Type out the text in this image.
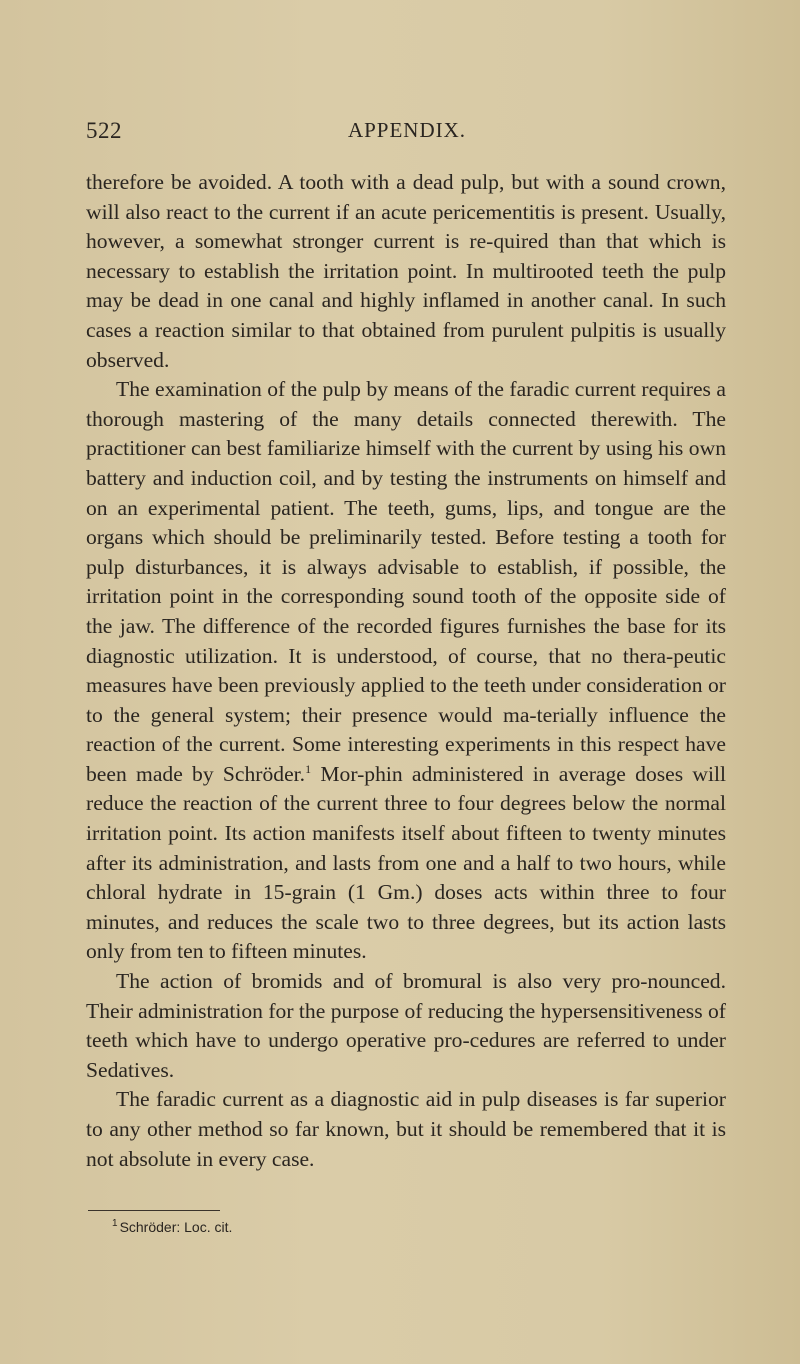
522	APPENDIX.

therefore be avoided. A tooth with a dead pulp, but with a sound crown, will also react to the current if an acute pericementitis is present. Usually, however, a somewhat stronger current is re-quired than that which is necessary to establish the irritation point. In multirooted teeth the pulp may be dead in one canal and highly inflamed in another canal. In such cases a reaction similar to that obtained from purulent pulpitis is usually observed.

The examination of the pulp by means of the faradic current requires a thorough mastering of the many details connected therewith. The practitioner can best familiarize himself with the current by using his own battery and induction coil, and by testing the instruments on himself and on an experimental patient. The teeth, gums, lips, and tongue are the organs which should be preliminarily tested. Before testing a tooth for pulp disturbances, it is always advisable to establish, if possible, the irritation point in the corresponding sound tooth of the opposite side of the jaw. The difference of the recorded figures furnishes the base for its diagnostic utilization. It is understood, of course, that no thera-peutic measures have been previously applied to the teeth under consideration or to the general system; their presence would ma-terially influence the reaction of the current. Some interesting experiments in this respect have been made by Schröder.$^1$ Mor-phin administered in average doses will reduce the reaction of the current three to four degrees below the normal irritation point. Its action manifests itself about fifteen to twenty minutes after its administration, and lasts from one and a half to two hours, while chloral hydrate in 15-grain (1 Gm.) doses acts within three to four minutes, and reduces the scale two to three degrees, but its action lasts only from ten to fifteen minutes.

The action of bromids and of bromural is also very pro-nounced. Their administration for the purpose of reducing the hypersensitiveness of teeth which have to undergo operative pro-cedures are referred to under Sedatives.

The faradic current as a diagnostic aid in pulp diseases is far superior to any other method so far known, but it should be remembered that it is not absolute in every case.

$^1$ Schröder: Loc. cit.
